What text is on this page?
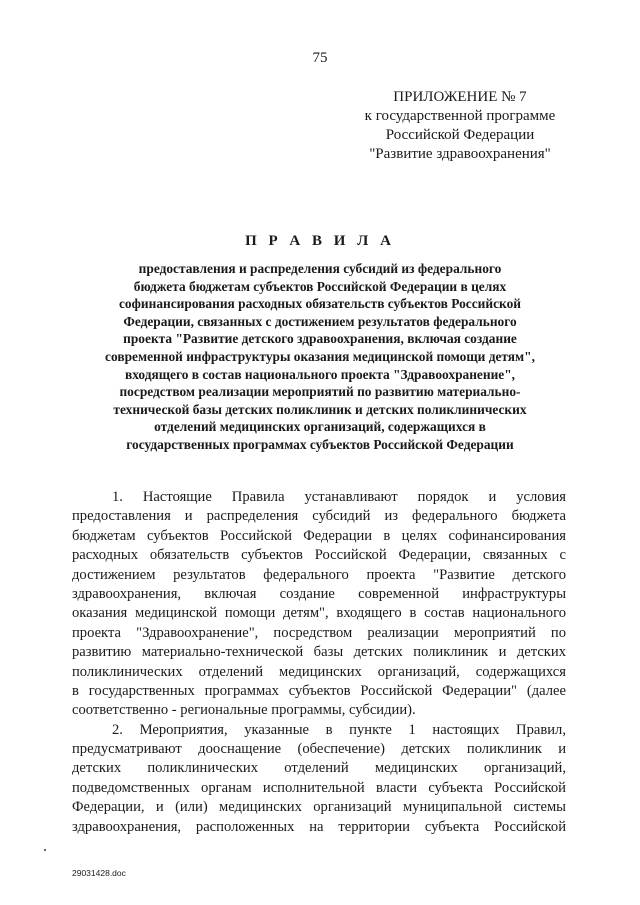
75
ПРИЛОЖЕНИЕ № 7
к государственной программе
Российской Федерации
"Развитие здравоохранения"
П Р А В И Л А
предоставления и распределения субсидий из федерального
бюджета бюджетам субъектов Российской Федерации в целях
софинансирования расходных обязательств субъектов Российской
Федерации, связанных с достижением результатов федерального
проекта "Развитие детского здравоохранения, включая создание
современной инфраструктуры оказания медицинской помощи детям",
входящего в состав национального проекта "Здравоохранение",
посредством реализации мероприятий по развитию материально-
технической базы детских поликлиник и детских поликлинических
отделений медицинских организаций, содержащихся в
государственных программах субъектов Российской Федерации
1. Настоящие Правила устанавливают порядок и условия
предоставления и распределения субсидий из федерального бюджета
бюджетам субъектов Российской Федерации в целях софинансирования
расходных обязательств субъектов Российской Федерации, связанных с
достижением результатов федерального проекта "Развитие детского
здравоохранения, включая создание современной инфраструктуры
оказания медицинской помощи детям", входящего в состав национального
проекта "Здравоохранение", посредством реализации мероприятий по
развитию материально-технической базы детских поликлиник и детских
поликлинических отделений медицинских организаций, содержащихся
в государственных программах субъектов Российской Федерации" (далее
соответственно - региональные программы, субсидии).
2. Мероприятия, указанные в пункте 1 настоящих Правил,
предусматривают дооснащение (обеспечение) детских поликлиник и
детских поликлинических отделений медицинских организаций,
подведомственных органам исполнительной власти субъекта Российской
Федерации, и (или) медицинских организаций муниципальной системы
здравоохранения, расположенных на территории субъекта Российской
29031428.doc
